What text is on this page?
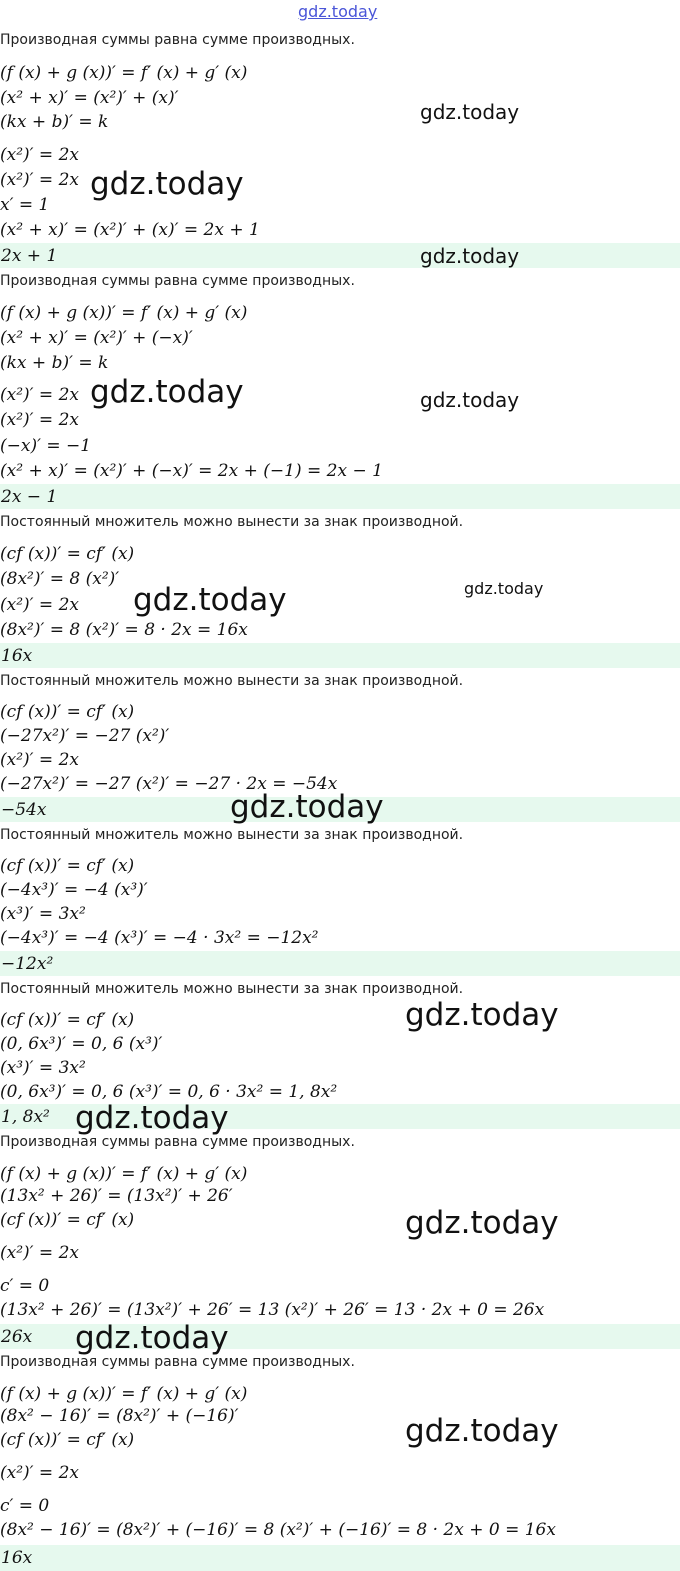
gdz.today
Производная суммы равна сумме производных.
(f (x) + g (x))′ = f′ (x) + g′ (x)
(x² + x)′ = (x²)′ + (x)′
(kx + b)′ = k
(x²)′ = 2x
(x²)′ = 2x
x′ = 1
(x² + x)′ = (x²)′ + (x)′ = 2x + 1
2x + 1
Производная суммы равна сумме производных.
(f (x) + g (x))′ = f′ (x) + g′ (x)
(x² + x)′ = (x²)′ + (−x)′
(kx + b)′ = k
(x²)′ = 2x
(x²)′ = 2x
(−x)′ = −1
(x² + x)′ = (x²)′ + (−x)′ = 2x + (−1) = 2x − 1
2x − 1
Постоянный множитель можно вынести за знак производной.
(cf (x))′ = cf′ (x)
(8x²)′ = 8 (x²)′
(x²)′ = 2x
(8x²)′ = 8 (x²)′ = 8 · 2x = 16x
16x
Постоянный множитель можно вынести за знак производной.
(cf (x))′ = cf′ (x)
(−27x²)′ = −27 (x²)′
(x²)′ = 2x
(−27x²)′ = −27 (x²)′ = −27 · 2x = −54x
−54x
Постоянный множитель можно вынести за знак производной.
(cf (x))′ = cf′ (x)
(−4x³)′ = −4 (x³)′
(x³)′ = 3x²
(−4x³)′ = −4 (x³)′ = −4 · 3x² = −12x²
−12x²
Постоянный множитель можно вынести за знак производной.
(cf (x))′ = cf′ (x)
(0, 6x³)′ = 0, 6 (x³)′
(x³)′ = 3x²
(0, 6x³)′ = 0, 6 (x³)′ = 0, 6 · 3x² = 1, 8x²
1, 8x²
Производная суммы равна сумме производных.
(f (x) + g (x))′ = f′ (x) + g′ (x)
(13x² + 26)′ = (13x²)′ + 26′
(cf (x))′ = cf′ (x)
(x²)′ = 2x
c′ = 0
(13x² + 26)′ = (13x²)′ + 26′ = 13 (x²)′ + 26′ = 13 · 2x + 0 = 26x
26x
Производная суммы равна сумме производных.
(f (x) + g (x))′ = f′ (x) + g′ (x)
(8x² − 16)′ = (8x²)′ + (−16)′
(cf (x))′ = cf′ (x)
(x²)′ = 2x
c′ = 0
(8x² − 16)′ = (8x²)′ + (−16)′ = 8 (x²)′ + (−16)′ = 8 · 2x + 0 = 16x
16x
gdz.today
gdz.today
gdz.today
gdz.today	gdz.today
gdz.today
gdz.today
gdz.today
gdz.today
gdz.today
gdz.today
gdz.today
gdz.today
